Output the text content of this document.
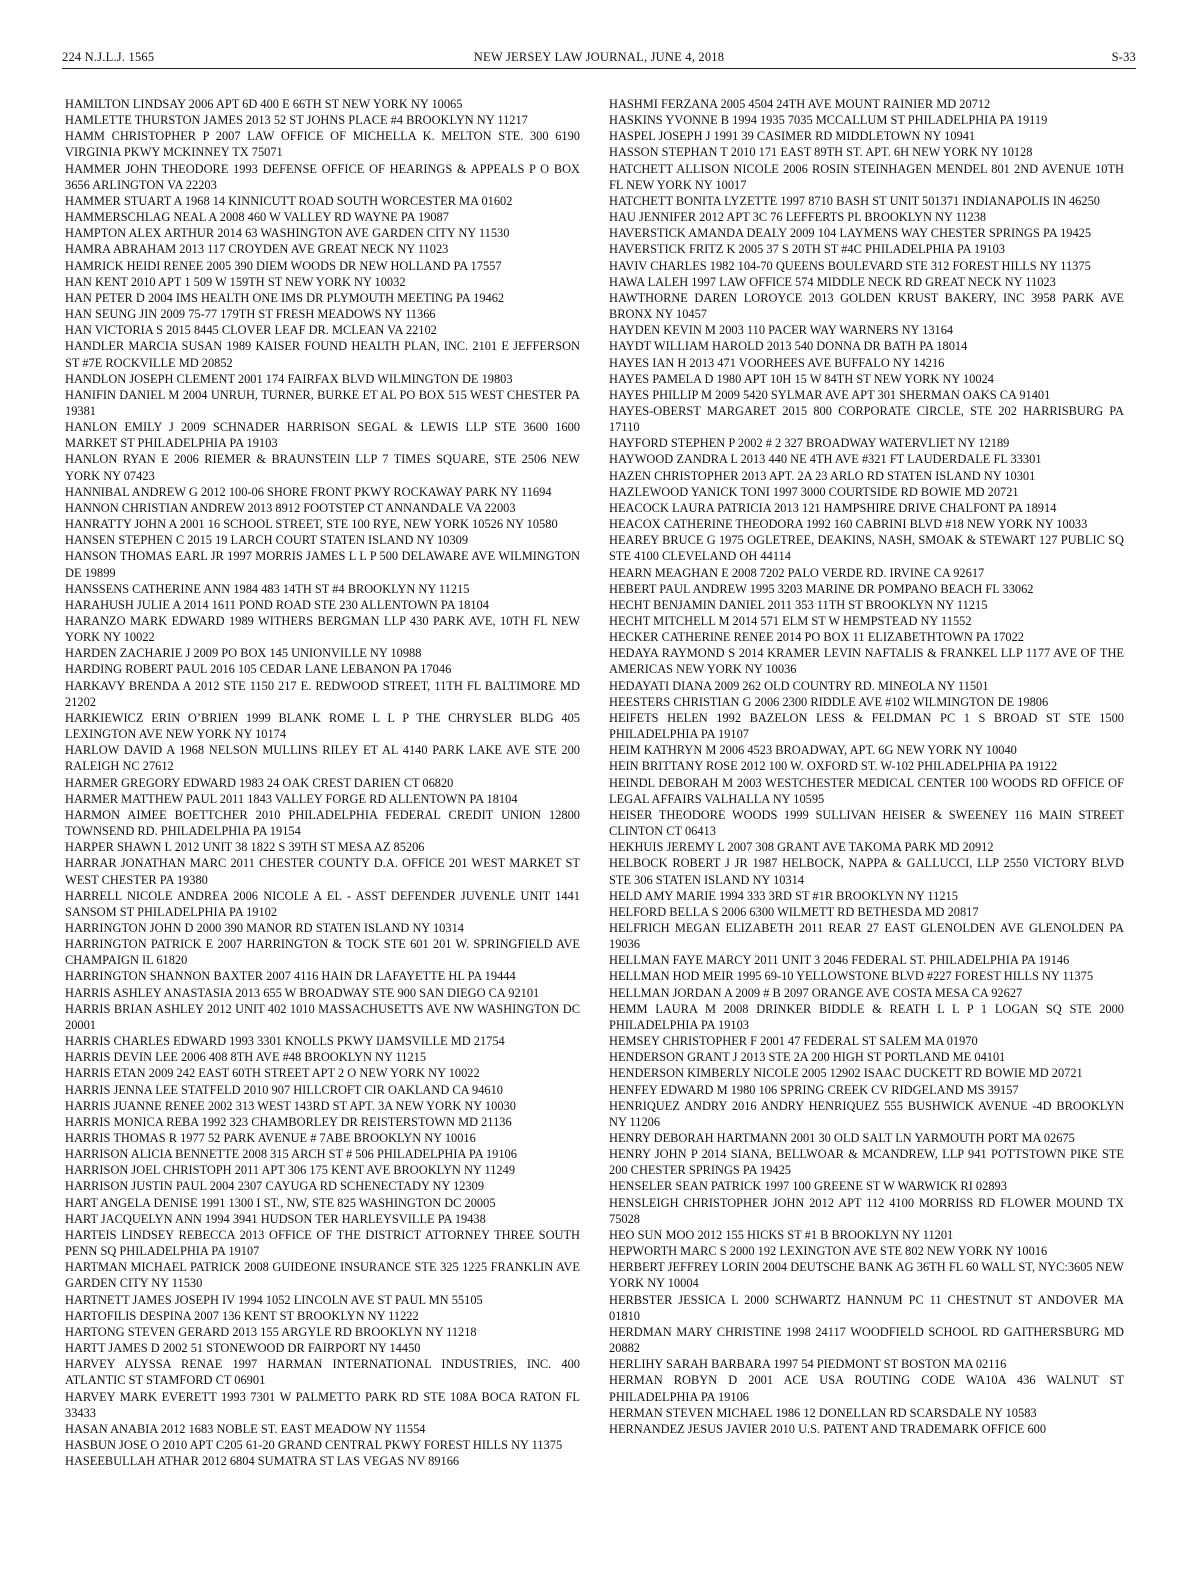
224 N.J.L.J. 1565	NEW JERSEY LAW JOURNAL, JUNE 4, 2018	S-33

HAMILTON LINDSAY 2006 APT 6D 400 E 66TH ST NEW YORK NY 10065

HAMLETTE THURSTON JAMES 2013 52 ST JOHNS PLACE #4 BROOKLYN NY 11217

HAMM CHRISTOPHER P 2007 LAW OFFICE OF MICHELLA K. MELTON STE. 300 6190 VIRGINIA PKWY MCKINNEY TX 75071

HAMMER JOHN THEODORE 1993 DEFENSE OFFICE OF HEARINGS & APPEALS P O BOX 3656 ARLINGTON VA 22203

HAMMER STUART A 1968 14 KINNICUTT ROAD SOUTH WORCESTER MA 01602

HAMMERSCHLAG NEAL A 2008 460 W VALLEY RD WAYNE PA 19087

HAMPTON ALEX ARTHUR 2014 63 WASHINGTON AVE GARDEN CITY NY 11530

HAMRA ABRAHAM 2013 117 CROYDEN AVE GREAT NECK NY 11023

HAMRICK HEIDI RENEE 2005 390 DIEM WOODS DR NEW HOLLAND PA 17557

HAN KENT 2010 APT 1 509 W 159TH ST NEW YORK NY 10032

HAN PETER D 2004 IMS HEALTH ONE IMS DR PLYMOUTH MEETING PA 19462

HAN SEUNG JIN 2009 75-77 179TH ST FRESH MEADOWS NY 11366

HAN VICTORIA S 2015 8445 CLOVER LEAF DR. MCLEAN VA 22102

HANDLER MARCIA SUSAN 1989 KAISER FOUND HEALTH PLAN, INC. 2101 E JEFFERSON ST #7E ROCKVILLE MD 20852

HANDLON JOSEPH CLEMENT 2001 174 FAIRFAX BLVD WILMINGTON DE 19803

HANIFIN DANIEL M 2004 UNRUH, TURNER, BURKE ET AL PO BOX 515 WEST CHESTER PA 19381

HANLON EMILY J 2009 SCHNADER HARRISON SEGAL & LEWIS LLP STE 3600 1600 MARKET ST PHILADELPHIA PA 19103

HANLON RYAN E 2006 RIEMER & BRAUNSTEIN LLP 7 TIMES SQUARE, STE 2506 NEW YORK NY 07423

HANNIBAL ANDREW G 2012 100-06 SHORE FRONT PKWY ROCKAWAY PARK NY 11694

HANNON CHRISTIAN ANDREW 2013 8912 FOOTSTEP CT ANNANDALE VA 22003

HANRATTY JOHN A 2001 16 SCHOOL STREET, STE 100 RYE, NEW YORK 10526 NY 10580

HANSEN STEPHEN C 2015 19 LARCH COURT STATEN ISLAND NY 10309

HANSON THOMAS EARL JR 1997 MORRIS JAMES L L P 500 DELAWARE AVE WILMINGTON DE 19899

HANSSENS CATHERINE ANN 1984 483 14TH ST #4 BROOKLYN NY 11215

HARAHUSH JULIE A 2014 1611 POND ROAD STE 230 ALLENTOWN PA 18104

HARANZO MARK EDWARD 1989 WITHERS BERGMAN LLP 430 PARK AVE, 10TH FL NEW YORK NY 10022

HARDEN ZACHARIE J 2009 PO BOX 145 UNIONVILLE NY 10988

HARDING ROBERT PAUL 2016 105 CEDAR LANE LEBANON PA 17046

HARKAVY BRENDA A 2012 STE 1150 217 E. REDWOOD STREET, 11TH FL BALTIMORE MD 21202

HARKIEWICZ ERIN O’BRIEN 1999 BLANK ROME L L P THE CHRYSLER BLDG 405 LEXINGTON AVE NEW YORK NY 10174

HARLOW DAVID A 1968 NELSON MULLINS RILEY ET AL 4140 PARK LAKE AVE STE 200 RALEIGH NC 27612

HARMER GREGORY EDWARD 1983 24 OAK CREST DARIEN CT 06820

HARMER MATTHEW PAUL 2011 1843 VALLEY FORGE RD ALLENTOWN PA 18104

HARMON AIMEE BOETTCHER 2010 PHILADELPHIA FEDERAL CREDIT UNION 12800 TOWNSEND RD. PHILADELPHIA PA 19154

HARPER SHAWN L 2012 UNIT 38 1822 S 39TH ST MESA AZ 85206

HARRAR JONATHAN MARC 2011 CHESTER COUNTY D.A. OFFICE 201 WEST MARKET ST WEST CHESTER PA 19380

HARRELL NICOLE ANDREA 2006 NICOLE A EL - ASST DEFENDER JUVENLE UNIT 1441 SANSOM ST PHILADELPHIA PA 19102

HARRINGTON JOHN D 2000 390 MANOR RD STATEN ISLAND NY 10314

HARRINGTON PATRICK E 2007 HARRINGTON & TOCK STE 601 201 W. SPRINGFIELD AVE CHAMPAIGN IL 61820

HARRINGTON SHANNON BAXTER 2007 4116 HAIN DR LAFAYETTE HL PA 19444

HARRIS ASHLEY ANASTASIA 2013 655 W BROADWAY STE 900 SAN DIEGO CA 92101

HARRIS BRIAN ASHLEY 2012 UNIT 402 1010 MASSACHUSETTS AVE NW WASHINGTON DC 20001

HARRIS CHARLES EDWARD 1993 3301 KNOLLS PKWY IJAMSVILLE MD 21754

HARRIS DEVIN LEE 2006 408 8TH AVE #48 BROOKLYN NY 11215

HARRIS ETAN 2009 242 EAST 60TH STREET APT 2 O NEW YORK NY 10022

HARRIS JENNA LEE STATFELD 2010 907 HILLCROFT CIR OAKLAND CA 94610

HARRIS JUANNE RENEE 2002 313 WEST 143RD ST APT. 3A NEW YORK NY 10030

HARRIS MONICA REBA 1992 323 CHAMBORLEY DR REISTERSTOWN MD 21136

HARRIS THOMAS R 1977 52 PARK AVENUE # 7ABE BROOKLYN NY 10016

HARRISON ALICIA BENNETTE 2008 315 ARCH ST # 506 PHILADELPHIA PA 19106

HARRISON JOEL CHRISTOPH 2011 APT 306 175 KENT AVE BROOKLYN NY 11249

HARRISON JUSTIN PAUL 2004 2307 CAYUGA RD SCHENECTADY NY 12309

HART ANGELA DENISE 1991 1300 I ST., NW, STE 825 WASHINGTON DC 20005

HART JACQUELYN ANN 1994 3941 HUDSON TER HARLEYSVILLE PA 19438

HARTEIS LINDSEY REBECCA 2013 OFFICE OF THE DISTRICT ATTORNEY THREE SOUTH PENN SQ PHILADELPHIA PA 19107

HARTMAN MICHAEL PATRICK 2008 GUIDEONE INSURANCE STE 325 1225 FRANKLIN AVE GARDEN CITY NY 11530

HARTNETT JAMES JOSEPH IV 1994 1052 LINCOLN AVE ST PAUL MN 55105

HARTOFILIS DESPINA 2007 136 KENT ST BROOKLYN NY 11222

HARTONG STEVEN GERARD 2013 155 ARGYLE RD BROOKLYN NY 11218

HARTT JAMES D 2002 51 STONEWOOD DR FAIRPORT NY 14450

HARVEY ALYSSA RENAE 1997 HARMAN INTERNATIONAL INDUSTRIES, INC. 400 ATLANTIC ST STAMFORD CT 06901

HARVEY MARK EVERETT 1993 7301 W PALMETTO PARK RD STE 108A BOCA RATON FL 33433

HASAN ANABIA 2012 1683 NOBLE ST. EAST MEADOW NY 11554

HASBUN JOSE O 2010 APT C205 61-20 GRAND CENTRAL PKWY FOREST HILLS NY 11375

HASEEBULLAH ATHAR 2012 6804 SUMATRA ST LAS VEGAS NV 89166

HASHMI FERZANA 2005 4504 24TH AVE MOUNT RAINIER MD 20712

HASKINS YVONNE B 1994 1935 7035 MCCALLUM ST PHILADELPHIA PA 19119

HASPEL JOSEPH J 1991 39 CASIMER RD MIDDLETOWN NY 10941

HASSON STEPHAN T 2010 171 EAST 89TH ST. APT. 6H NEW YORK NY 10128

HATCHETT ALLISON NICOLE 2006 ROSIN STEINHAGEN MENDEL 801 2ND AVENUE 10TH FL NEW YORK NY 10017

HATCHETT BONITA LYZETTE 1997 8710 BASH ST UNIT 501371 INDIANAPOLIS IN 46250

HAU JENNIFER 2012 APT 3C 76 LEFFERTS PL BROOKLYN NY 11238

HAVERSTICK AMANDA DEALY 2009 104 LAYMENS WAY CHESTER SPRINGS PA 19425

HAVERSTICK FRITZ K 2005 37 S 20TH ST #4C PHILADELPHIA PA 19103

HAVIV CHARLES 1982 104-70 QUEENS BOULEVARD STE 312 FOREST HILLS NY 11375

HAWA LALEH 1997 LAW OFFICE 574 MIDDLE NECK RD GREAT NECK NY 11023

HAWTHORNE DAREN LOROYCE 2013 GOLDEN KRUST BAKERY, INC 3958 PARK AVE BRONX NY 10457

HAYDEN KEVIN M 2003 110 PACER WAY WARNERS NY 13164

HAYDT WILLIAM HAROLD 2013 540 DONNA DR BATH PA 18014

HAYES IAN H 2013 471 VOORHEES AVE BUFFALO NY 14216

HAYES PAMELA D 1980 APT 10H 15 W 84TH ST NEW YORK NY 10024

HAYES PHILLIP M 2009 5420 SYLMAR AVE APT 301 SHERMAN OAKS CA 91401

HAYES-OBERST MARGARET 2015 800 CORPORATE CIRCLE, STE 202 HARRISBURG PA 17110

HAYFORD STEPHEN P 2002 # 2 327 BROADWAY WATERVLIET NY 12189

HAYWOOD ZANDRA L 2013 440 NE 4TH AVE #321 FT LAUDERDALE FL 33301

HAZEN CHRISTOPHER 2013 APT. 2A 23 ARLO RD STATEN ISLAND NY 10301

HAZLEWOOD YANICK TONI 1997 3000 COURTSIDE RD BOWIE MD 20721

HEACOCK LAURA PATRICIA 2013 121 HAMPSHIRE DRIVE CHALFONT PA 18914

HEACOX CATHERINE THEODORA 1992 160 CABRINI BLVD #18 NEW YORK NY 10033

HEAREY BRUCE G 1975 OGLETREE, DEAKINS, NASH, SMOAK & STEWART 127 PUBLIC SQ STE 4100 CLEVELAND OH 44114

HEARN MEAGHAN E 2008 7202 PALO VERDE RD. IRVINE CA 92617

HEBERT PAUL ANDREW 1995 3203 MARINE DR POMPANO BEACH FL 33062

HECHT BENJAMIN DANIEL 2011 353 11TH ST BROOKLYN NY 11215

HECHT MITCHELL M 2014 571 ELM ST W HEMPSTEAD NY 11552

HECKER CATHERINE RENEE 2014 PO BOX 11 ELIZABETHTOWN PA 17022

HEDAYA RAYMOND S 2014 KRAMER LEVIN NAFTALIS & FRANKEL LLP 1177 AVE OF THE AMERICAS NEW YORK NY 10036

HEDAYATI DIANA 2009 262 OLD COUNTRY RD. MINEOLA NY 11501

HEESTERS CHRISTIAN G 2006 2300 RIDDLE AVE #102 WILMINGTON DE 19806

HEIFETS HELEN 1992 BAZELON LESS & FELDMAN PC 1 S BROAD ST STE 1500 PHILADELPHIA PA 19107

HEIM KATHRYN M 2006 4523 BROADWAY, APT. 6G NEW YORK NY 10040

HEIN BRITTANY ROSE 2012 100 W. OXFORD ST. W-102 PHILADELPHIA PA 19122

HEINDL DEBORAH M 2003 WESTCHESTER MEDICAL CENTER 100 WOODS RD OFFICE OF LEGAL AFFAIRS VALHALLA NY 10595

HEISER THEODORE WOODS 1999 SULLIVAN HEISER & SWEENEY 116 MAIN STREET CLINTON CT 06413

HEKHUIS JEREMY L 2007 308 GRANT AVE TAKOMA PARK MD 20912

HELBOCK ROBERT J JR 1987 HELBOCK, NAPPA & GALLUCCI, LLP 2550 VICTORY BLVD STE 306 STATEN ISLAND NY 10314

HELD AMY MARIE 1994 333 3RD ST #1R BROOKLYN NY 11215

HELFORD BELLA S 2006 6300 WILMETT RD BETHESDA MD 20817

HELFRICH MEGAN ELIZABETH 2011 REAR 27 EAST GLENOLDEN AVE GLENOLDEN PA 19036

HELLMAN FAYE MARCY 2011 UNIT 3 2046 FEDERAL ST. PHILADELPHIA PA 19146

HELLMAN HOD MEIR 1995 69-10 YELLOWSTONE BLVD #227 FOREST HILLS NY 11375

HELLMAN JORDAN A 2009 # B 2097 ORANGE AVE COSTA MESA CA 92627

HEMM LAURA M 2008 DRINKER BIDDLE & REATH L L P 1 LOGAN SQ STE 2000 PHILADELPHIA PA 19103

HEMSEY CHRISTOPHER F 2001 47 FEDERAL ST SALEM MA 01970

HENDERSON GRANT J 2013 STE 2A 200 HIGH ST PORTLAND ME 04101

HENDERSON KIMBERLY NICOLE 2005 12902 ISAAC DUCKETT RD BOWIE MD 20721

HENFEY EDWARD M 1980 106 SPRING CREEK CV RIDGELAND MS 39157

HENRIQUEZ ANDRY 2016 ANDRY HENRIQUEZ 555 BUSHWICK AVENUE -4D BROOKLYN NY 11206

HENRY DEBORAH HARTMANN 2001 30 OLD SALT LN YARMOUTH PORT MA 02675

HENRY JOHN P 2014 SIANA, BELLWOAR & MCANDREW, LLP 941 POTTSTOWN PIKE STE 200 CHESTER SPRINGS PA 19425

HENSELER SEAN PATRICK 1997 100 GREENE ST W WARWICK RI 02893

HENSLEIGH CHRISTOPHER JOHN 2012 APT 112 4100 MORRISS RD FLOWER MOUND TX 75028

HEO SUN MOO 2012 155 HICKS ST #1 B BROOKLYN NY 11201

HEPWORTH MARC S 2000 192 LEXINGTON AVE STE 802 NEW YORK NY 10016

HERBERT JEFFREY LORIN 2004 DEUTSCHE BANK AG 36TH FL 60 WALL ST, NYC:3605 NEW YORK NY 10004

HERBSTER JESSICA L 2000 SCHWARTZ HANNUM PC 11 CHESTNUT ST ANDOVER MA 01810

HERDMAN MARY CHRISTINE 1998 24117 WOODFIELD SCHOOL RD GAITHERSBURG MD 20882

HERLIHY SARAH BARBARA 1997 54 PIEDMONT ST BOSTON MA 02116

HERMAN ROBYN D 2001 ACE USA ROUTING CODE WA10A 436 WALNUT ST PHILADELPHIA PA 19106

HERMAN STEVEN MICHAEL 1986 12 DONELLAN RD SCARSDALE NY 10583

HERNANDEZ JESUS JAVIER 2010 U.S. PATENT AND TRADEMARK OFFICE 600
